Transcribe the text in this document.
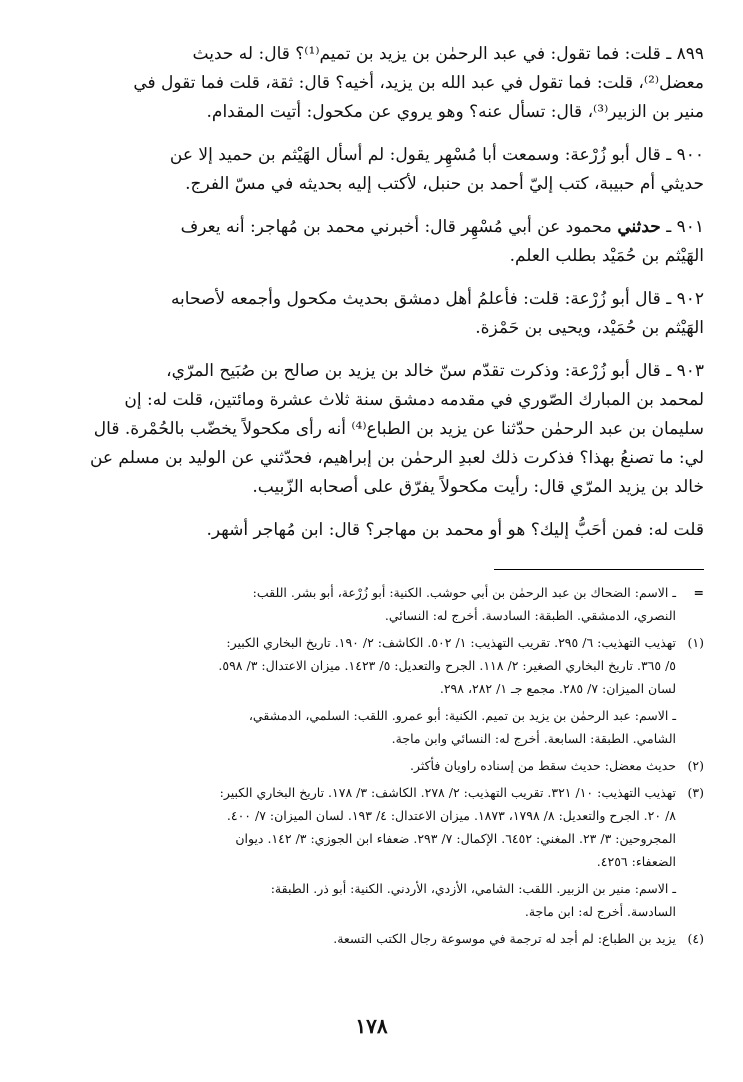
٨٩٩ ـ قلت: فما تقول: في عبد الرحمٰن بن يزيد بن تميم⁽¹⁾؟ قال: له حديث
معضل⁽²⁾، قلت: فما تقول في عبد الله بن يزيد، أخيه؟ قال: ثقة، قلت فما تقول في
منير بن الزبير⁽³⁾، قال: تسأل عنه؟ وهو يروي عن مكحول: أتيت المقدام.

٩٠٠ ـ قال أبو زُرْعة: وسمعت أبا مُسْهِر يقول: لم أسأل الهَيْثم بن حميد إلا عن
حديثي أم حبيبة، كتب إليّ أحمد بن حنبل، لأكتب إليه بحديثه في مسّ الفرج.

٩٠١ ـ حدثني محمود عن أبي مُسْهِر قال: أخبرني محمد بن مُهاجر: أنه يعرف
الهَيْثم بن حُمَيْد بطلب العلم.

٩٠٢ ـ قال أبو زُرْعة: قلت: فأعلمُ أهل دمشق بحديث مكحول وأجمعه لأصحابه
الهَيْثم بن حُمَيْد، ويحيى بن حَمْزة.

٩٠٣ ـ قال أبو زُرْعة: وذكرت تقدّم سنّ خالد بن يزيد بن صالح بن صُبَيح المرّي،
لمحمد بن المبارك الصّوري في مقدمه دمشق سنة ثلاث عشرة ومائتين، قلت له: إن
سليمان بن عبد الرحمٰن حدّثنا عن يزيد بن الطباع⁽⁴⁾ أنه رأى مكحولاً يخضّب بالحُمْرة. قال
لي: ما تصنعُ بهذا؟ فذكرت ذلك لعبدِ الرحمٰن بن إبراهيم، فحدّثني عن الوليد بن مسلم عن
خالد بن يزيد المرّي قال: رأيت مكحولاً يفرّق على أصحابه الزّبيب.

قلت له: فمن أحَبُّ إليك؟ هو أو محمد بن مهاجر؟ قال: ابن مُهاجر أشهر.

=
ـ الاسم: الضحاك بن عبد الرحمٰن بن أبي حوشب. الكنية: أبو زُرْعة، أبو بشر. اللقب:
النصري، الدمشقي. الطبقة: السادسة. أخرج له: النسائي.
(١)
تهذيب التهذيب: ٦/ ٢٩٥. تقريب التهذيب: ١/ ٥٠٢. الكاشف: ٢/ ١٩٠. تاريخ البخاري الكبير:
٥/ ٣٦٥. تاريخ البخاري الصغير: ٢/ ١١٨. الجرح والتعديل: ٥/ ١٤٢٣. ميزان الاعتدال: ٣/ ٥٩٨.
لسان الميزان: ٧/ ٢٨٥. مجمع جـ ١/ ٢٨٢، ٢٩٨.
ـ الاسم: عبد الرحمٰن بن يزيد بن تميم. الكنية: أبو عمرو. اللقب: السلمي، الدمشقي،
الشامي. الطبقة: السابعة. أخرج له: النسائي وابن ماجة.
(٢)
حديث معضل: حديث سقط من إسناده راويان فأكثر.
(٣)
تهذيب التهذيب: ١٠/ ٣٢١. تقريب التهذيب: ٢/ ٢٧٨. الكاشف: ٣/ ١٧٨. تاريخ البخاري الكبير:
٨/ ٢٠. الجرح والتعديل: ٨/ ١٧٩٨، ١٨٧٣. ميزان الاعتدال: ٤/ ١٩٣. لسان الميزان: ٧/ ٤٠٠.
المجروحين: ٣/ ٢٣. المغني: ٦٤٥٢. الإكمال: ٧/ ٢٩٣. ضعفاء ابن الجوزي: ٣/ ١٤٢. ديوان
الضعفاء: ٤٢٥٦.
ـ الاسم: منير بن الزبير. اللقب: الشامي، الأزدي، الأردني. الكنية: أبو ذر. الطبقة:
السادسة. أخرج له: ابن ماجة.
(٤)
يزيد بن الطباع: لم أجد له ترجمة في موسوعة رجال الكتب التسعة.
١٧٨
